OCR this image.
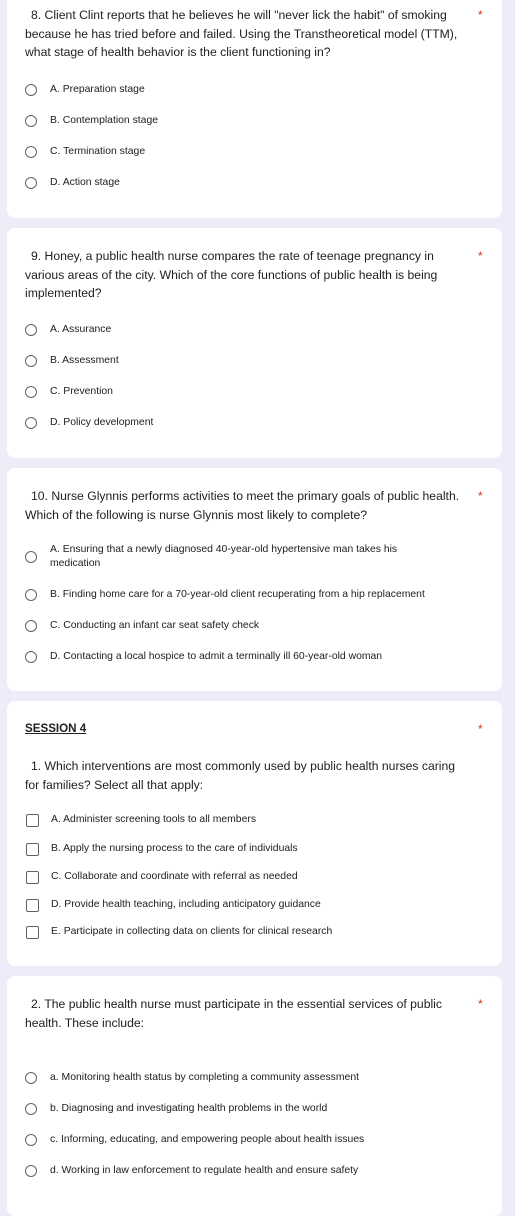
8. Client Clint reports that he believes he will "never lick the habit" of smoking because he has tried before and failed. Using the Transtheoretical model (TTM), what stage of health behavior is the client functioning in?
*
A. Preparation stage
B. Contemplation stage
C. Termination stage
D. Action stage
9. Honey, a public health nurse compares the rate of teenage pregnancy in various areas of the city. Which of the core functions of public health is being implemented?
*
A. Assurance
B. Assessment
C. Prevention
D. Policy development
10. Nurse Glynnis performs activities to meet the primary goals of public health. Which of the following is nurse Glynnis most likely to complete?
*
A. Ensuring that a newly diagnosed 40-year-old hypertensive man takes his medication
B. Finding home care for a 70-year-old client recuperating from a hip replacement
C. Conducting an infant car seat safety check
D. Contacting a local hospice to admit a terminally ill 60-year-old woman
SESSION 4	*
1. Which interventions are most commonly used by public health nurses caring for families? Select all that apply:
A. Administer screening tools to all members
B. Apply the nursing process to the care of individuals
C. Collaborate and coordinate with referral as needed
D. Provide health teaching, including anticipatory guidance
E. Participate in collecting data on clients for clinical research
2. The public health nurse must participate in the essential services of public health. These include:
*
a. Monitoring health status by completing a community assessment
b. Diagnosing and investigating health problems in the world
c. Informing, educating, and empowering people about health issues
d. Working in law enforcement to regulate health and ensure safety
